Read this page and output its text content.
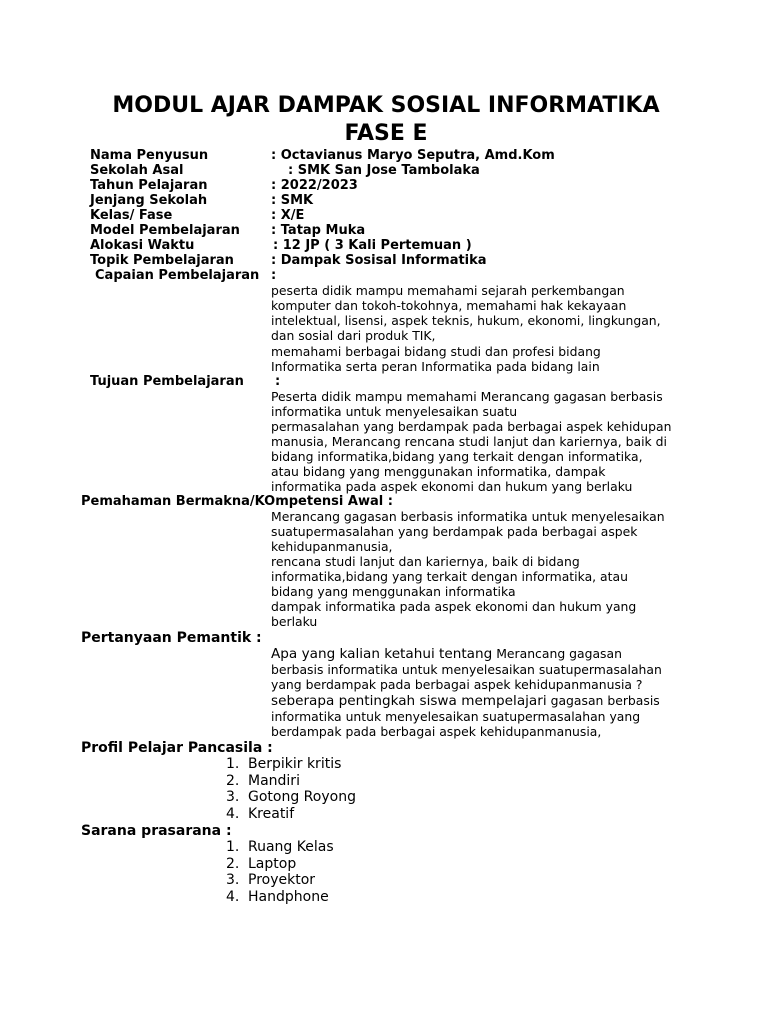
MODUL AJAR DAMPAK SOSIAL INFORMATIKA
FASE E
Nama Penyusun	: Octavianus Maryo Seputra, Amd.Kom
Sekolah Asal	: SMK San Jose Tambolaka
Tahun Pelajaran	: 2022/2023
Jenjang Sekolah	: SMK
Kelas/ Fase	: X/E
Model Pembelajaran : Tatap Muka
Alokasi Waktu	: 12 JP ( 3 Kali Pertemuan )
Topik Pembelajaran	: Dampak Sosisal Informatika
Capaian Pembelajaran :
peserta didik mampu memahami sejarah perkembangan
komputer dan tokoh-tokohnya, memahami hak kekayaan
intelektual, lisensi, aspek teknis, hukum, ekonomi, lingkungan,
dan sosial dari produk TIK,
memahami berbagai bidang studi dan profesi bidang
Informatika serta peran Informatika pada bidang lain
Tujuan Pembelajaran :
Peserta didik mampu memahami Merancang gagasan berbasis
informatika untuk menyelesaikan suatu
permasalahan yang berdampak pada berbagai aspek kehidupan
manusia, Merancang rencana studi lanjut dan kariernya, baik di
bidang informatika,bidang yang terkait dengan informatika,
atau bidang yang menggunakan informatika, dampak
informatika pada aspek ekonomi dan hukum yang berlaku
Pemahaman Bermakna/KOmpetensi Awal :
Merancang gagasan berbasis informatika untuk menyelesaikan
suatupermasalahan yang berdampak pada berbagai aspek
kehidupanmanusia,
rencana studi lanjut dan kariernya, baik di bidang
informatika,bidang yang terkait dengan informatika, atau
bidang yang menggunakan informatika
dampak informatika pada aspek ekonomi dan hukum yang
berlaku
Pertanyaan Pemantik :
Apa yang kalian ketahui tentang Merancang gagasan
berbasis informatika untuk menyelesaikan suatupermasalahan
yang berdampak pada berbagai aspek kehidupanmanusia ?
seberapa pentingkah siswa mempelajari gagasan berbasis
informatika untuk menyelesaikan suatupermasalahan yang
berdampak pada berbagai aspek kehidupanmanusia,
Profil Pelajar Pancasila :
1. Berpikir kritis
2. Mandiri
3. Gotong Royong
4. Kreatif
Sarana prasarana :
1. Ruang Kelas
2. Laptop
3. Proyektor
4. Handphone
